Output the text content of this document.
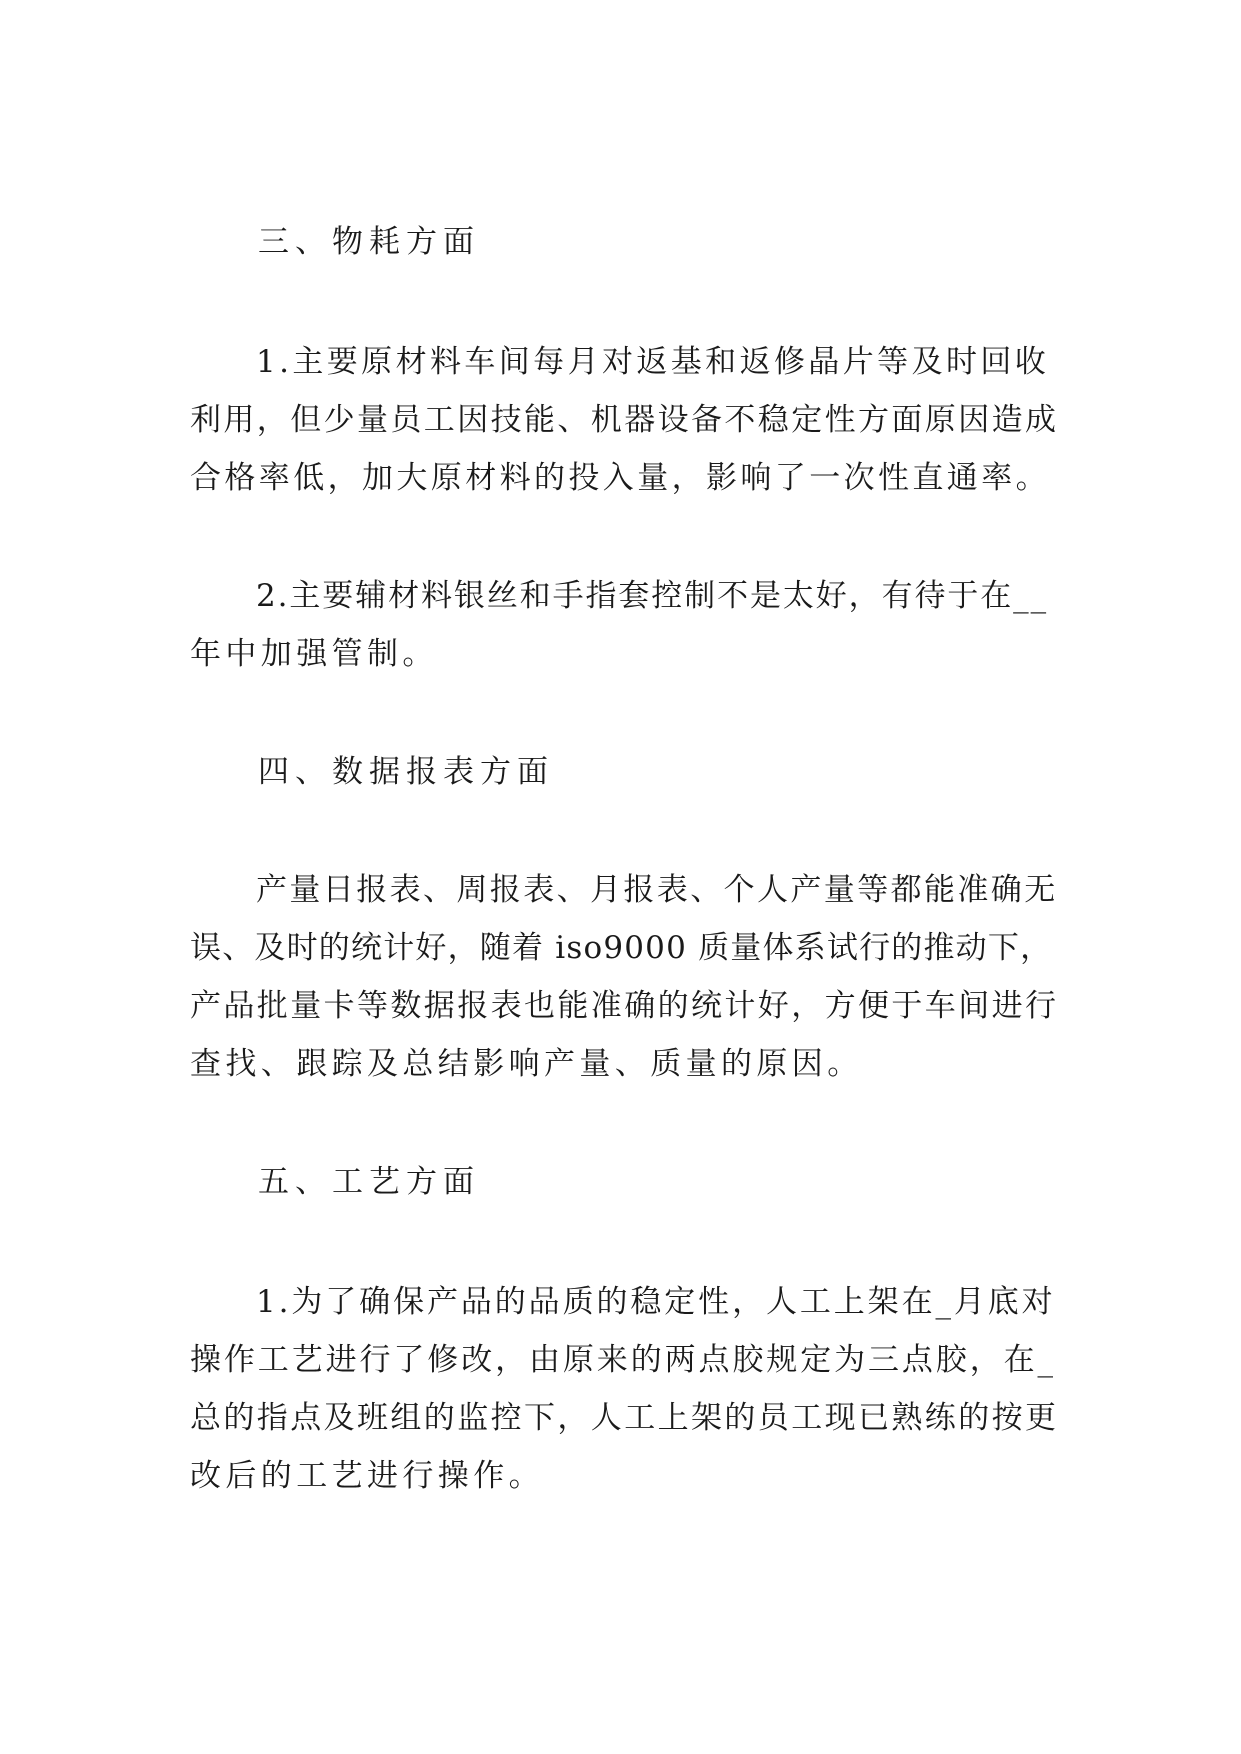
三、物耗方面
1.主要原材料车间每月对返基和返修晶片等及时回收
利用，但少量员工因技能、机器设备不稳定性方面原因造成
合格率低，加大原材料的投入量，影响了一次性直通率。
2.主要辅材料银丝和手指套控制不是太好，有待于在__
年中加强管制。
四、数据报表方面
产量日报表、周报表、月报表、个人产量等都能准确无
误、及时的统计好，随着 iso9000 质量体系试行的推动下，
产品批量卡等数据报表也能准确的统计好，方便于车间进行
查找、跟踪及总结影响产量、质量的原因。
五、工艺方面
1.为了确保产品的品质的稳定性，人工上架在_月底对
操作工艺进行了修改，由原来的两点胶规定为三点胶，在_
总的指点及班组的监控下，人工上架的员工现已熟练的按更
改后的工艺进行操作。
